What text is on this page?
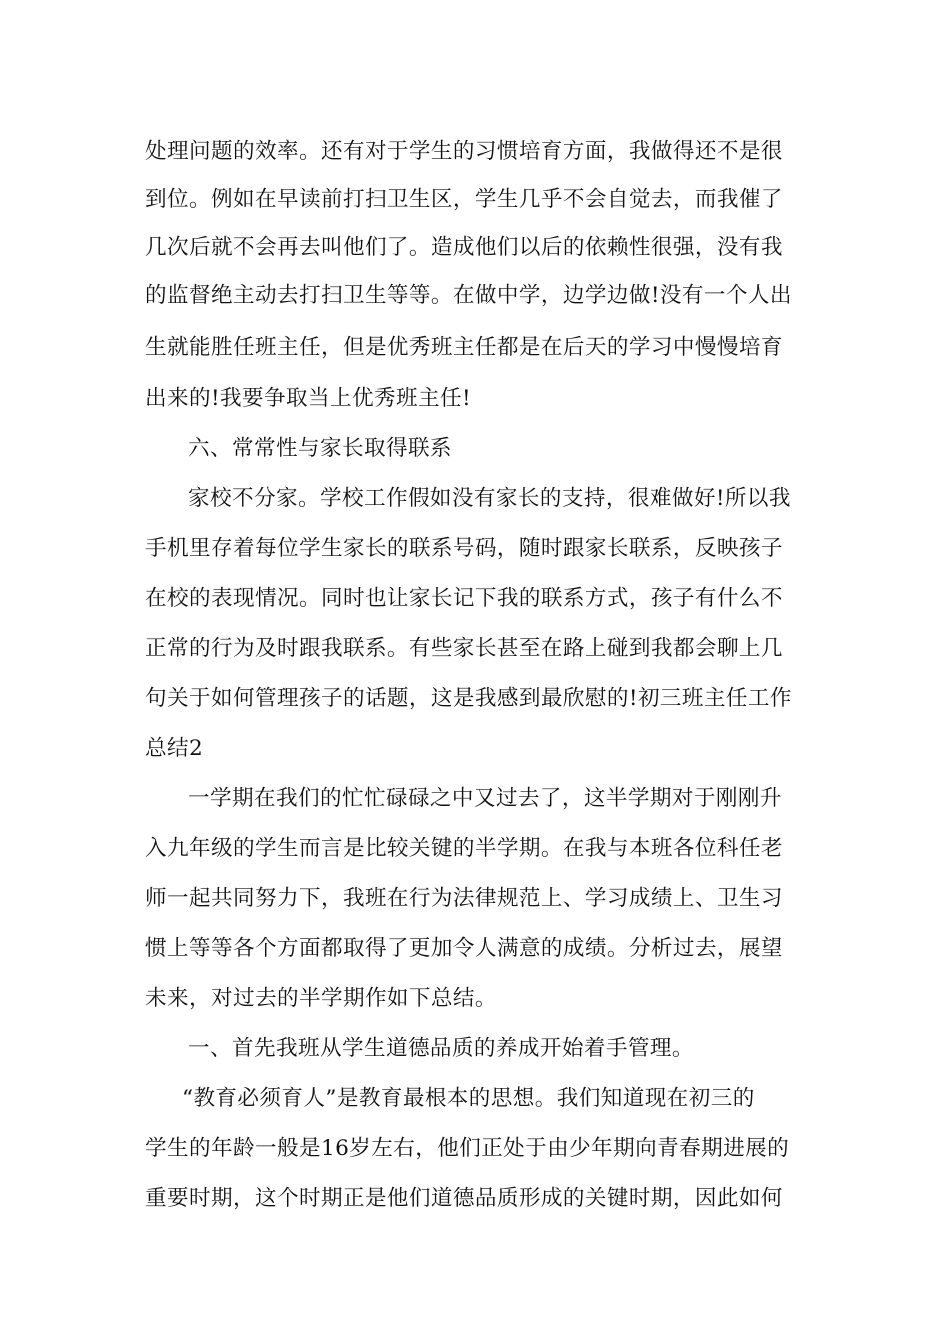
处理问题的效率。还有对于学生的习惯培育方面，我做得还不是很
到位。例如在早读前打扫卫生区，学生几乎不会自觉去，而我催了
几次后就不会再去叫他们了。造成他们以后的依赖性很强，没有我
的监督绝主动去打扫卫生等等。在做中学，边学边做!没有一个人出
生就能胜任班主任，但是优秀班主任都是在后天的学习中慢慢培育
出来的!我要争取当上优秀班主任!
六、常常性与家长取得联系
家校不分家。学校工作假如没有家长的支持，很难做好!所以我
手机里存着每位学生家长的联系号码，随时跟家长联系，反映孩子
在校的表现情况。同时也让家长记下我的联系方式，孩子有什么不
正常的行为及时跟我联系。有些家长甚至在路上碰到我都会聊上几
句关于如何管理孩子的话题，这是我感到最欣慰的!初三班主任工作
总结2
一学期在我们的忙忙碌碌之中又过去了，这半学期对于刚刚升
入九年级的学生而言是比较关键的半学期。在我与本班各位科任老
师一起共同努力下，我班在行为法律规范上、学习成绩上、卫生习
惯上等等各个方面都取得了更加令人满意的成绩。分析过去，展望
未来，对过去的半学期作如下总结。
一、首先我班从学生道德品质的养成开始着手管理。
“教育必须育人”是教育最根本的思想。我们知道现在初三的
学生的年龄一般是16岁左右，他们正处于由少年期向青春期进展的
重要时期，这个时期正是他们道德品质形成的关键时期，因此如何
